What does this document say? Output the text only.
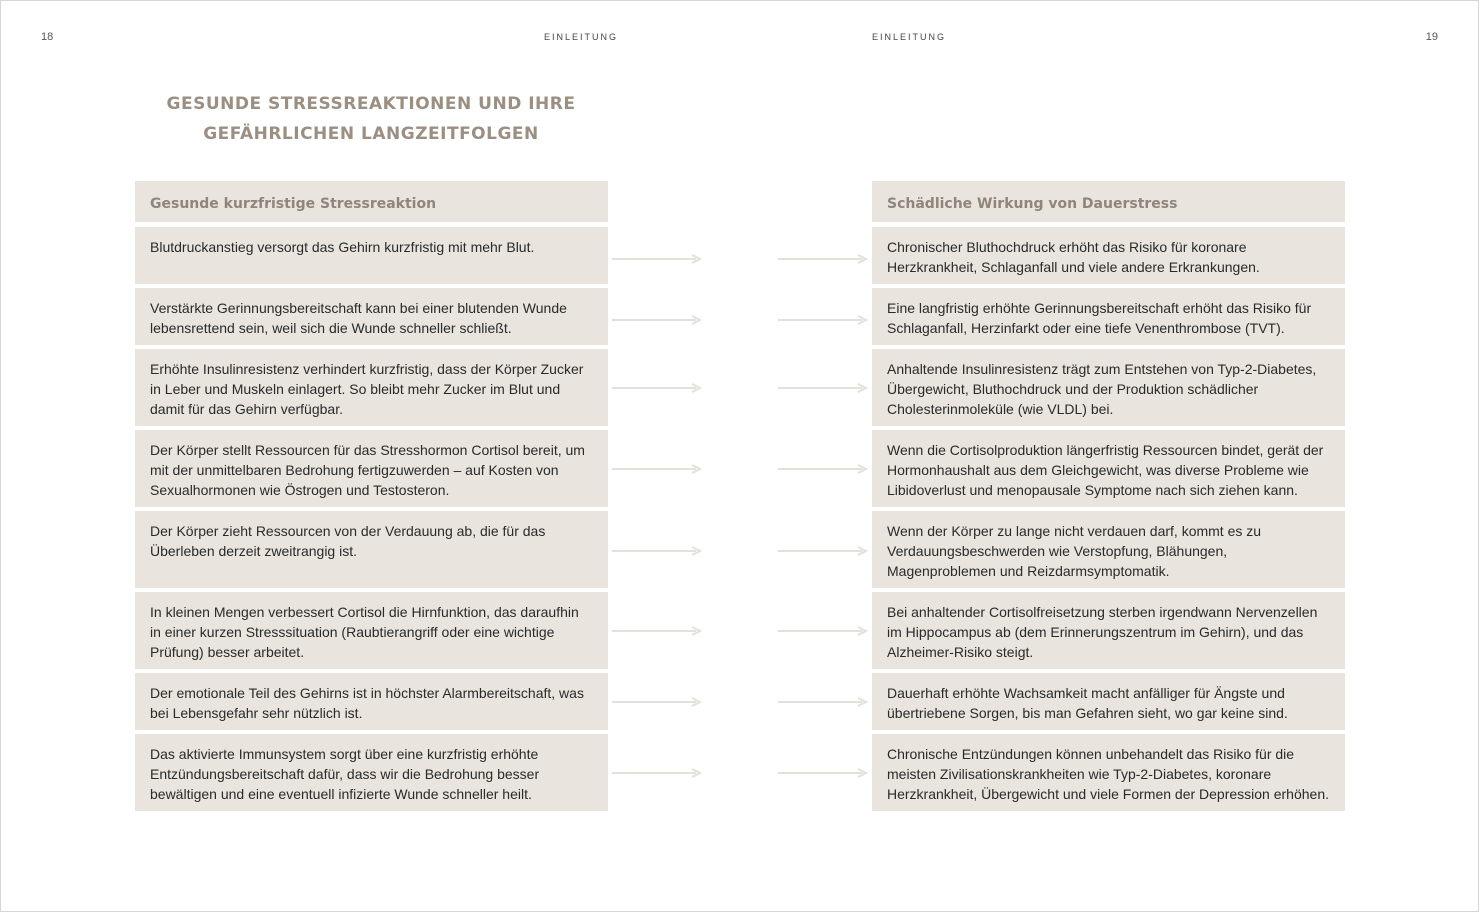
18	19
EINLEITUNG	EINLEITUNG
GESUNDE STRESSREAKTIONEN UND IHRE
GEFÄHRLICHEN LANGZEITFOLGEN
Gesunde kurzfristige Stressreaktion
Blutdruckanstieg versorgt das Gehirn kurzfristig mit mehr Blut.
Verstärkte Gerinnungsbereitschaft kann bei einer blutenden Wunde lebensrettend sein, weil sich die Wunde schneller schließt.
Erhöhte Insulinresistenz verhindert kurzfristig, dass der Körper Zucker in Leber und Muskeln einlagert. So bleibt mehr Zucker im Blut und damit für das Gehirn verfügbar.
Der Körper stellt Ressourcen für das Stresshormon Cortisol bereit, um mit der unmittelbaren Bedrohung fertigzuwerden – auf Kosten von Sexualhormonen wie Östrogen und Testosteron.
Der Körper zieht Ressourcen von der Verdauung ab, die für das Überleben derzeit zweitrangig ist.
In kleinen Mengen verbessert Cortisol die Hirnfunktion, das daraufhin in einer kurzen Stresssituation (Raubtierangriff oder eine wichtige Prüfung) besser arbeitet.
Der emotionale Teil des Gehirns ist in höchster Alarmbereitschaft, was bei Lebensgefahr sehr nützlich ist.
Das aktivierte Immunsystem sorgt über eine kurzfristig erhöhte Entzündungsbereitschaft dafür, dass wir die Bedrohung besser bewältigen und eine eventuell infizierte Wunde schneller heilt.
Schädliche Wirkung von Dauerstress
Chronischer Bluthochdruck erhöht das Risiko für koronare Herzkrankheit, Schlaganfall und viele andere Erkrankungen.
Eine langfristig erhöhte Gerinnungsbereitschaft erhöht das Risiko für Schlaganfall, Herzinfarkt oder eine tiefe Venenthrombose (TVT).
Anhaltende Insulinresistenz trägt zum Entstehen von Typ-2-Diabetes, Übergewicht, Bluthochdruck und der Produktion schädlicher Cholesterinmoleküle (wie VLDL) bei.
Wenn die Cortisolproduktion längerfristig Ressourcen bindet, gerät der Hormonhaushalt aus dem Gleichgewicht, was diverse Probleme wie Libidoverlust und menopausale Symptome nach sich ziehen kann.
Wenn der Körper zu lange nicht verdauen darf, kommt es zu Verdauungsbeschwerden wie Verstopfung, Blähungen, Magenproblemen und Reizdarmsymptomatik.
Bei anhaltender Cortisolfreisetzung sterben irgendwann Nervenzellen im Hippocampus ab (dem Erinnerungszentrum im Gehirn), und das Alzheimer-Risiko steigt.
Dauerhaft erhöhte Wachsamkeit macht anfälliger für Ängste und übertriebene Sorgen, bis man Gefahren sieht, wo gar keine sind.
Chronische Entzündungen können unbehandelt das Risiko für die meisten Zivilisationskrankheiten wie Typ-2-Diabetes, koronare Herzkrankheit, Übergewicht und viele Formen der Depression erhöhen.
